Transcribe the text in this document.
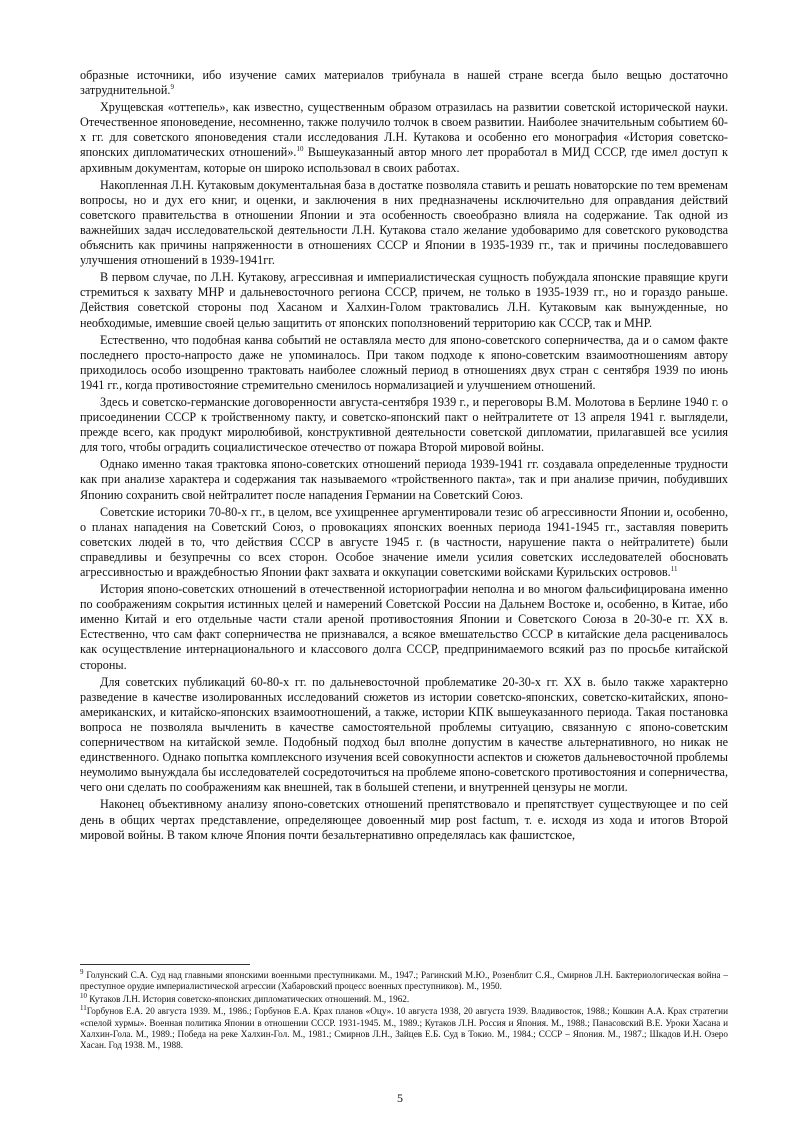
образные источники, ибо изучение самих материалов трибунала в нашей стране всегда было вещью достаточно затруднительной.$^9$

Хрущевская «оттепель», как известно, существенным образом отразилась на развитии советской исторической науки. Отечественное японоведение, несомненно, также получило толчок в своем развитии. Наиболее значительным событием 60-х гг. для советского японоведения стали исследования Л.Н. Кутакова и особенно его монография «История советско-японских дипломатических отношений».$^{10}$ Вышеуказанный автор много лет проработал в МИД СССР, где имел доступ к архивным документам, которые он широко использовал в своих работах.

Накопленная Л.Н. Кутаковым документальная база в достатке позволяла ставить и решать новаторские по тем временам вопросы, но и дух его книг, и оценки, и заключения в них предназначены исключительно для оправдания действий советского правительства в отношении Японии и эта особенность своеобразно влияла на содержание. Так одной из важнейших задач исследовательской деятельности Л.Н. Кутакова стало желание удобоваримо для советского руководства объяснить как причины напряженности в отношениях СССР и Японии в 1935-1939 гг., так и причины последовавшего улучшения отношений в 1939-1941гг.

В первом случае, по Л.Н. Кутакову, агрессивная и империалистическая сущность побуждала японские правящие круги стремиться к захвату МНР и дальневосточного региона СССР, причем, не только в 1935-1939 гг., но и гораздо раньше. Действия советской стороны под Хасаном и Халхин-Голом трактовались Л.Н. Кутаковым как вынужденные, но необходимые, имевшие своей целью защитить от японских поползновений территорию как СССР, так и МНР.

Естественно, что подобная канва событий не оставляла место для японо-советского соперничества, да и о самом факте последнего просто-напросто даже не упоминалось. При таком подходе к японо-советским взаимоотношениям автору приходилось особо изощренно трактовать наиболее сложный период в отношениях двух стран с сентября 1939 по июнь 1941 гг., когда противостояние стремительно сменилось нормализацией и улучшением отношений.

Здесь и советско-германские договоренности августа-сентября 1939 г., и переговоры В.М. Молотова в Берлине 1940 г. о присоединении СССР к тройственному пакту, и советско-японский пакт о нейтралитете от 13 апреля 1941 г. выглядели, прежде всего, как продукт миролюбивой, конструктивной деятельности советской дипломатии, прилагавшей все усилия для того, чтобы оградить социалистическое отечество от пожара Второй мировой войны.

Однако именно такая трактовка японо-советских отношений периода 1939-1941 гг. создавала определенные трудности как при анализе характера и содержания так называемого «тройственного пакта», так и при анализе причин, побудивших Японию сохранить свой нейтралитет после нападения Германии на Советский Союз.

Советские историки 70-80-х гг., в целом, все ухищреннее аргументировали тезис об агрессивности Японии и, особенно, о планах нападения на Советский Союз, о провокациях японских военных периода 1941-1945 гг., заставляя поверить советских людей в то, что действия СССР в августе 1945 г. (в частности, нарушение пакта о нейтралитете) были справедливы и безупречны со всех сторон. Особое значение имели усилия советских исследователей обосновать агрессивностью и враждебностью Японии факт захвата и оккупации советскими войсками Курильских островов.$^{11}$

История японо-советских отношений в отечественной историографии неполна и во многом фальсифицирована именно по соображениям сокрытия истинных целей и намерений Советской России на Дальнем Востоке и, особенно, в Китае, ибо именно Китай и его отдельные части стали ареной противостояния Японии и Советского Союза в 20-30-е гг. XX в. Естественно, что сам факт соперничества не признавался, а всякое вмешательство СССР в китайские дела расценивалось как осуществление интернационального и классового долга СССР, предпринимаемого всякий раз по просьбе китайской стороны.

Для советских публикаций 60-80-х гг. по дальневосточной проблематике 20-30-х гг. XX в. было также характерно разведение в качестве изолированных исследований сюжетов из истории советско-японских, советско-китайских, японо-американских, и китайско-японских взаимоотношений, а также, истории КПК вышеуказанного периода. Такая постановка вопроса не позволяла вычленить в качестве самостоятельной проблемы ситуацию, связанную с японо-советским соперничеством на китайской земле. Подобный подход был вполне допустим в качестве альтернативного, но никак не единственного. Однако попытка комплексного изучения всей совокупности аспектов и сюжетов дальневосточной проблемы неумолимо вынуждала бы исследователей сосредоточиться на проблеме японо-советского противостояния и соперничества, чего они сделать по соображениям как внешней, так в большей степени, и внутренней цензуры не могли.

Наконец объективному анализу японо-советских отношений препятствовало и препятствует существующее и по сей день в общих чертах представление, определяющее довоенный мир post factum, т. е. исходя из хода и итогов Второй мировой войны. В таком ключе Япония почти безальтернативно определялась как фашистское,

$^9$ Голунский С.А. Суд над главными японскими военными преступниками. М., 1947.; Рагинский М.Ю., Розенблит С.Я., Смирнов Л.Н. Бактериологическая война – преступное орудие империалистической агрессии (Хабаровский процесс военных преступников). М., 1950.

$^{10}$ Кутаков Л.Н. История советско-японских дипломатических отношений. М., 1962.

$^{11}$Горбунов Е.А. 20 августа 1939. М., 1986.; Горбунов Е.А. Крах планов «Оцу». 10 августа 1938, 20 августа 1939. Владивосток, 1988.; Кошкин А.А. Крах стратегии «спелой хурмы». Военная политика Японии в отношении СССР. 1931-1945. М., 1989.; Кутаков Л.Н. Россия и Япония. М., 1988.; Панасовский В.Е. Уроки Хасана и Халхин-Гола. М., 1989.; Победа на реке Халхин-Гол. М., 1981.; Смирнов Л.Н., Зайцев Е.Б. Суд в Токио. М., 1984.; СССР – Япония. М., 1987.; Шкадов И.Н. Озеро Хасан. Год 1938. М., 1988.

5
